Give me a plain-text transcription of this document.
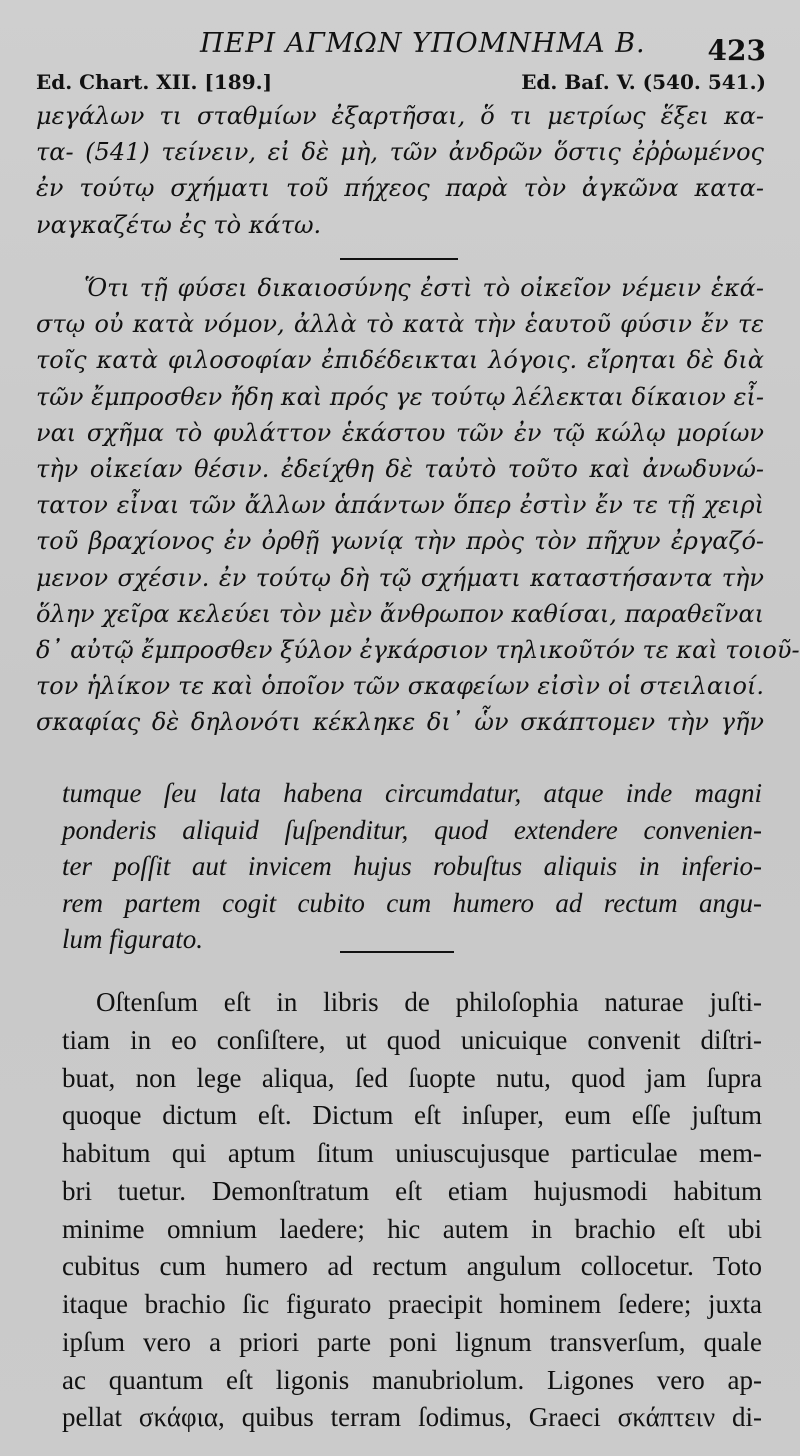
ΠΕΡΙ ΑΓΜΩΝ ΥΠΟΜΝΗΜΑ Β. 423
Ed. Chart. XII. [189.]	Ed. Baſ. V. (540. 541.)
μεγάλων τι σταθμίων ἐξαρτῆσαι, ὅ τι μετρίως ἕξει κα-
τα- (541) τείνειν, εἰ δὲ μὴ, τῶν ἀνδρῶν ὅστις ἐῤῥωμένος
ἐν τούτῳ σχήματι τοῦ πήχεος παρὰ τὸν ἀγκῶνα κατα-
ναγκαζέτω ἐς τὸ κάτω.
Ὅτι τῇ φύσει δικαιοσύνης ἐστὶ τὸ οἰκεῖον νέμειν ἑκά-
στῳ οὐ κατὰ νόμον, ἀλλὰ τὸ κατὰ τὴν ἑαυτοῦ φύσιν ἔν τε
τοῖς κατὰ φιλοσοφίαν ἐπιδέδεικται λόγοις. εἴρηται δὲ διὰ
τῶν ἔμπροσθεν ἤδη καὶ πρός γε τούτῳ λέλεκται δίκαιον εἶ-
ναι σχῆμα τὸ φυλάττον ἑκάστου τῶν ἐν τῷ κώλῳ μορίων
τὴν οἰκείαν θέσιν. ἐδείχθη δὲ ταὐτὸ τοῦτο καὶ ἀνωδυνώ-
τατον εἶναι τῶν ἄλλων ἁπάντων ὅπερ ἐστὶν ἔν τε τῇ χειρὶ
τοῦ βραχίονος ἐν ὀρθῇ γωνίᾳ τὴν πρὸς τὸν πῆχυν ἐργαζό-
μενον σχέσιν. ἐν τούτῳ δὴ τῷ σχήματι καταστήσαντα τὴν
ὅλην χεῖρα κελεύει τὸν μὲν ἄνθρωπον καθίσαι, παραθεῖναι
δ᾿ αὐτῷ ἔμπροσθεν ξύλον ἐγκάρσιον τηλικοῦτόν τε καὶ τοιοῦ-
τον ἡλίκον τε καὶ ὁποῖον τῶν σκαφείων εἰσὶν οἱ στειλαιοί.
σκαφίας δὲ δηλονότι κέκληκε δι᾿ ὧν σκάπτομεν τὴν γῆν
tumque ſeu lata habena circumdatur, atque inde magni
ponderis aliquid ſuſpenditur, quod extendere convenien-
ter poſſit aut invicem hujus robuſtus aliquis in inferio-
rem partem cogit cubito cum humero ad rectum angu-
lum figurato.
Oſtenſum eſt in libris de philoſophia naturae juſti-
tiam in eo conſiſtere, ut quod unicuique convenit diſtri-
buat, non lege aliqua, ſed ſuopte nutu, quod jam ſupra
quoque dictum eſt. Dictum eſt inſuper, eum eſſe juſtum
habitum qui aptum ſitum uniuscujusque particulae mem-
bri tuetur. Demonſtratum eſt etiam hujusmodi habitum
minime omnium laedere; hic autem in brachio eſt ubi
cubitus cum humero ad rectum angulum collocetur. Toto
itaque brachio ſic figurato praecipit hominem ſedere; juxta
ipſum vero a priori parte poni lignum transverſum, quale
ac quantum eſt ligonis manubriolum. Ligones vero ap-
pellat σκάφια, quibus terram ſodimus, Graeci σκάπτειν di-
